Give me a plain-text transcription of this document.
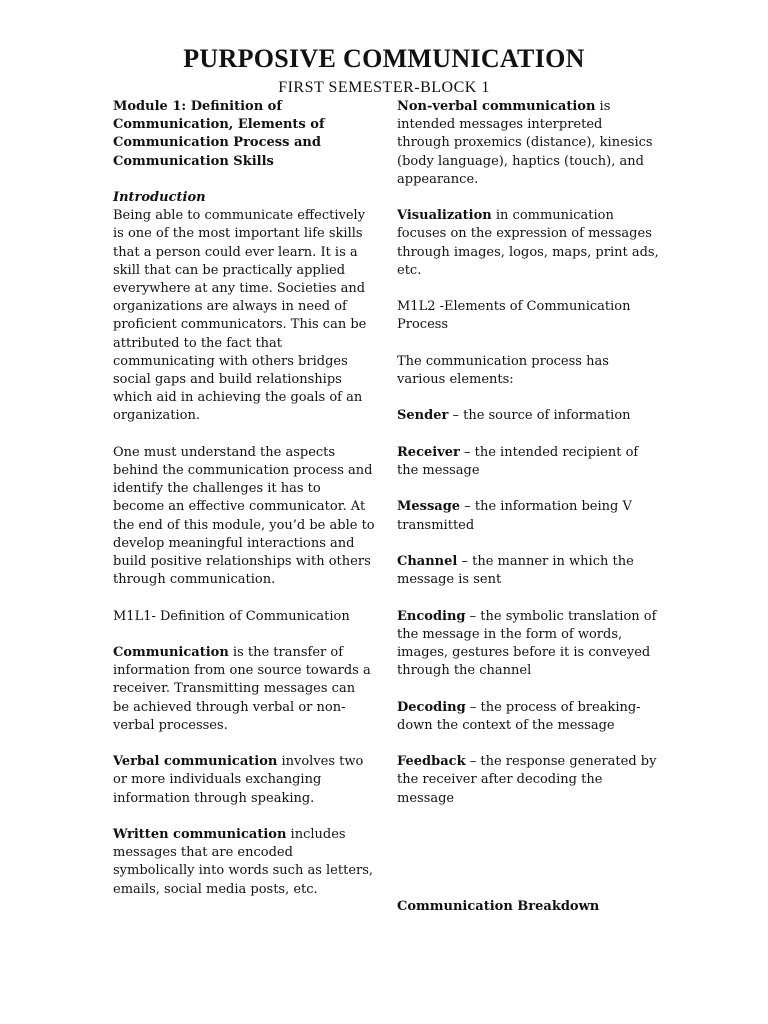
PURPOSIVE COMMUNICATION
FIRST SEMESTER-BLOCK 1

Module 1: Definition of Communication, Elements of Communication Process and Communication Skills

Introduction

Being able to communicate effectively is one of the most important life skills that a person could ever learn. It is a skill that can be practically applied everywhere at any time. Societies and organizations are always in need of proficient communicators. This can be attributed to the fact that communicating with others bridges social gaps and build relationships which aid in achieving the goals of an organization.

One must understand the aspects behind the communication process and identify the challenges it has to become an effective communicator. At the end of this module, you’d be able to develop meaningful interactions and build positive relationships with others through communication.

M1L1- Definition of Communication

Communication is the transfer of information from one source towards a receiver. Transmitting messages can be achieved through verbal or non-verbal processes.

Verbal communication involves two or more individuals exchanging information through speaking.

Written communication includes messages that are encoded symbolically into words such as letters, emails, social media posts, etc.

Non-verbal communication is intended messages interpreted through proxemics (distance), kinesics (body language), haptics (touch), and appearance.

Visualization in communication focuses on the expression of messages through images, logos, maps, print ads, etc.

M1L2 -Elements of Communication Process

The communication process has various elements:

Sender – the source of information

Receiver – the intended recipient of the message

Message – the information being V transmitted

Channel – the manner in which the message is sent

Encoding – the symbolic translation of the message in the form of words, images, gestures before it is conveyed through the channel

Decoding – the process of breaking-down the context of the message

Feedback – the response generated by the receiver after decoding the message

Communication Breakdown
